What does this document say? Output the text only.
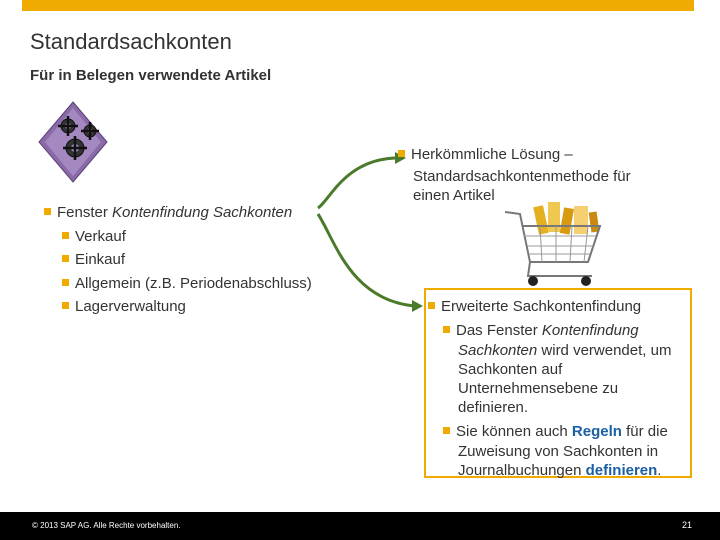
Standardsachkonten
Für in Belegen verwendete Artikel
Fenster Kontenfindung Sachkonten
Verkauf
Einkauf
Allgemein (z.B. Periodenabschluss)
Lagerverwaltung
Herkömmliche Lösung –
Standardsachkontenmethode für
einen Artikel
Erweiterte Sachkontenfindung
Das Fenster Kontenfindung
Sachkonten wird verwendet, um
Sachkonten auf
Unternehmensebene zu
definieren.
Sie können auch Regeln für die
Zuweisung von Sachkonten in
Journalbuchungen definieren.
© 2013 SAP AG. Alle Rechte vorbehalten.	21
